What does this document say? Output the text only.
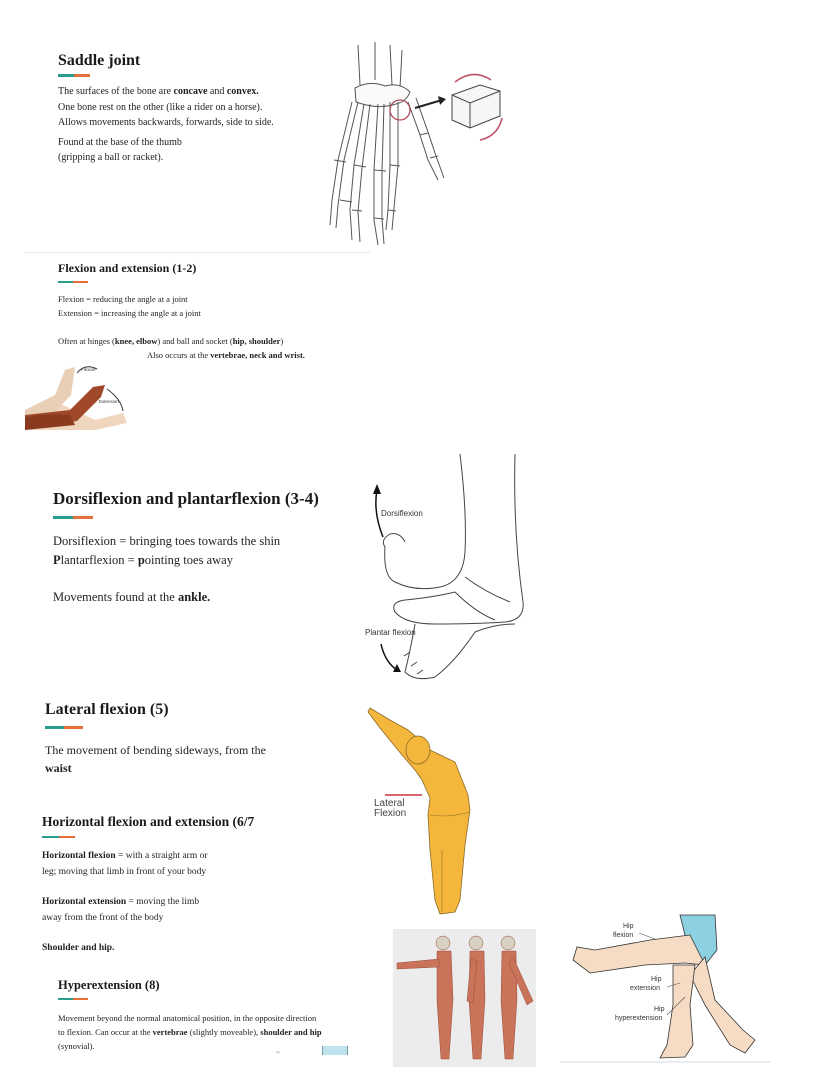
Saddle joint
The surfaces of the bone are concave and convex.
One bone rest on the other (like a rider on a horse).
Allows movements backwards, forwards, side to side.
Found at the base of the thumb
(gripping a ball or racket).
Flexion and extension (1-2)
Flexion = reducing the angle at a joint
Extension = increasing the angle at a joint
Often at hinges (knee, elbow) and ball and socket (hip, shoulder)
Also occurs at the vertebrae, neck and wrist.
Flexion
Extension
Dorsiflexion and plantarflexion (3-4)
Dorsiflexion = bringing toes towards the shin
Plantarflexion = pointing toes away
Movements found at the ankle.
Dorsiflexion
Plantar flexion
Lateral flexion (5)
The movement of bending sideways, from the
waist
Lateral
Flexion
Horizontal flexion and extension (6/7
Horizontal flexion = with a straight arm or
leg; moving that limb in front of your body
Horizontal extension = moving the limb
away from the front of the body
Shoulder and hip.
Hyperextension (8)
Movement beyond the normal anatomical position, in the opposite direction
to flexion. Can occur at the vertebrae (slightly moveable), shoulder and hip
(synovial).
hip
Hip
flexion
Hip
extension
Hip
hyperextension
